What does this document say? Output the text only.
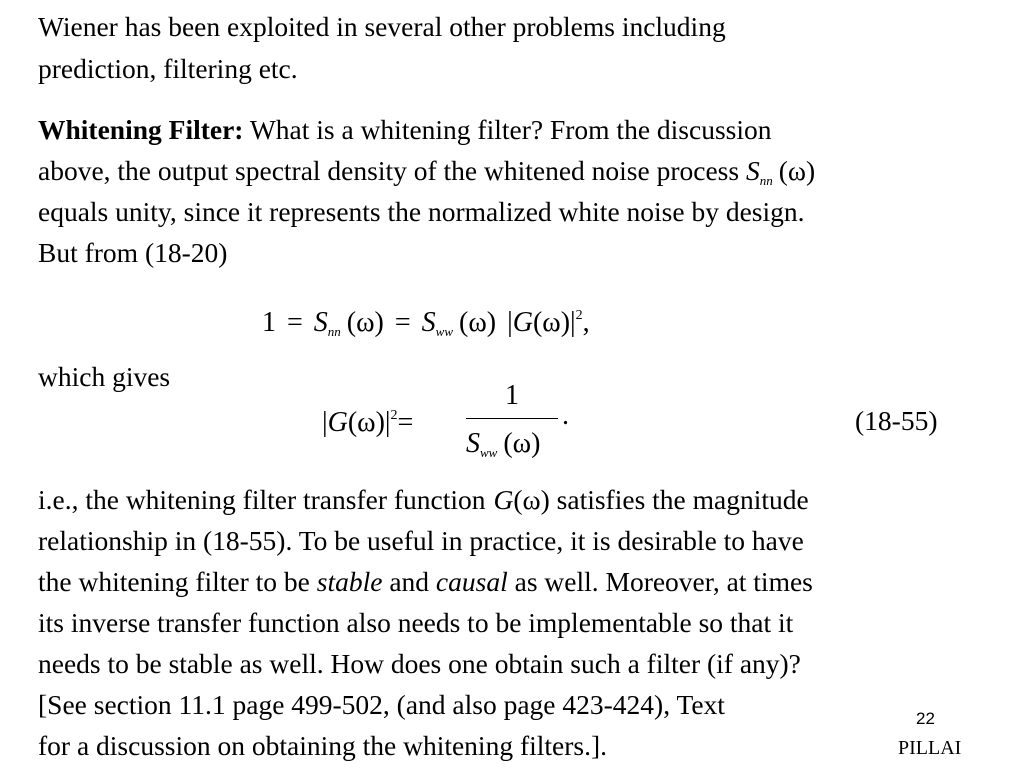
Wiener has been exploited in several other problems including
prediction, filtering etc.
Whitening Filter: What is a whitening filter? From the discussion
above, the output spectral density of the whitened noise process $S_{nn}$ (ω)
equals unity, since it represents the normalized white noise by design.
But from (18-20)
$1 = S_{nn}$ $(\omega) = S_{ww}$ (ω) $|G(\omega)|^2$,
which gives
$|G(\omega)|^2=$
1
$S_{ww}$ (ω)
.	(18-55)
i.e., the whitening filter transfer function G(ω) satisfies the magnitude
relationship in (18-55). To be useful in practice, it is desirable to have
the whitening filter to be stable and causal as well. Moreover, at times
its inverse transfer function also needs to be implementable so that it
needs to be stable as well. How does one obtain such a filter (if any)?
[See section 11.1 page 499-502, (and also page 423-424), Text
for a discussion on obtaining the whitening filters.].
22
PILLAI
